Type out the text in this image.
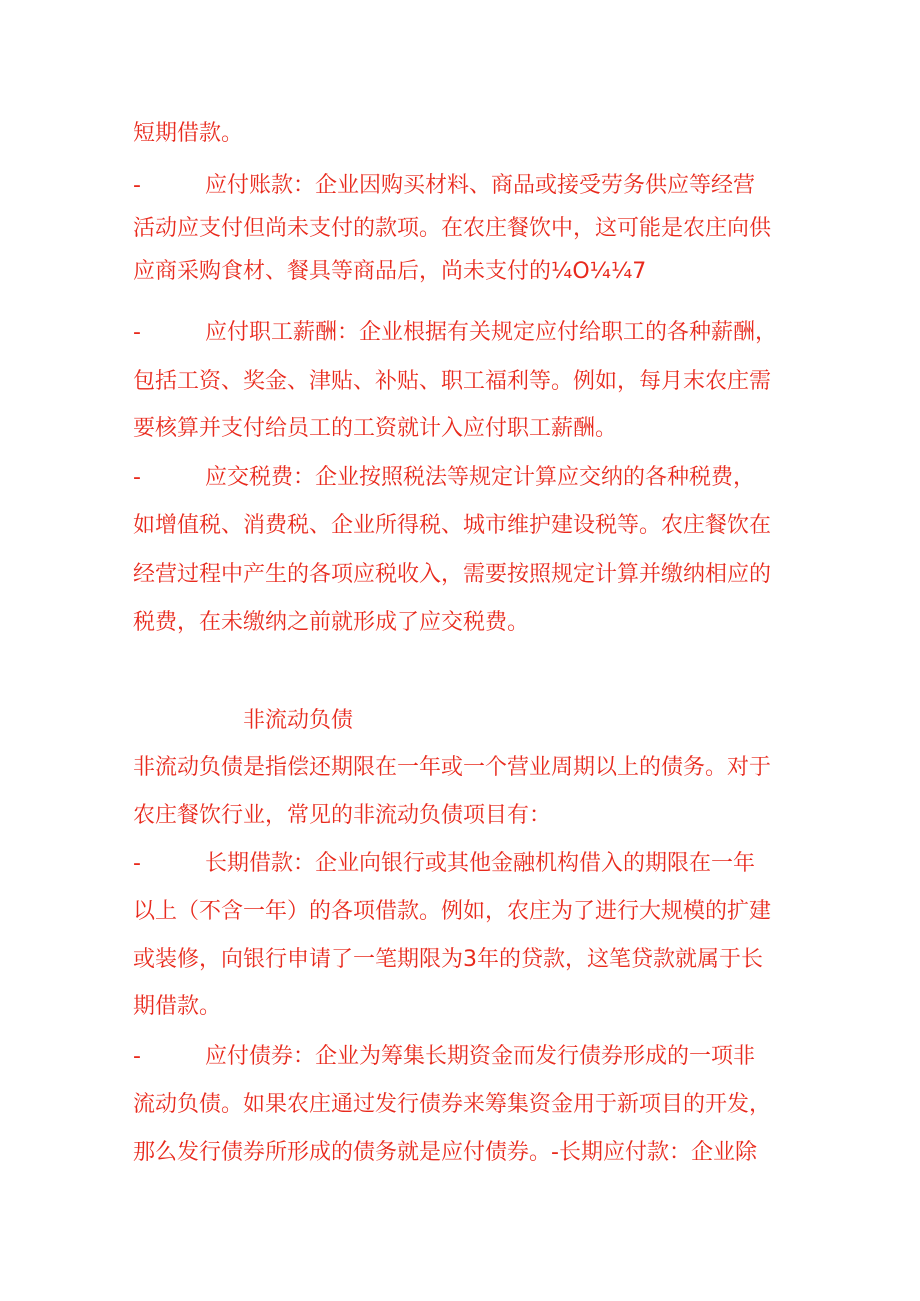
短期借款。
-	应付账款：企业因购买材料、商品或接受劳务供应等经营
活动应支付但尚未支付的款项。在农庄餐饮中，这可能是农庄向供
应商采购食材、餐具等商品后，尚未支付的¼O¼¼7
-	应付职工薪酬：企业根据有关规定应付给职工的各种薪酬，
包括工资、奖金、津贴、补贴、职工福利等。例如，每月末农庄需
要核算并支付给员工的工资就计入应付职工薪酬。
-	应交税费：企业按照税法等规定计算应交纳的各种税费，
如增值税、消费税、企业所得税、城市维护建设税等。农庄餐饮在
经营过程中产生的各项应税收入，需要按照规定计算并缴纳相应的
税费，在未缴纳之前就形成了应交税费。
非流动负债
非流动负债是指偿还期限在一年或一个营业周期以上的债务。对于
农庄餐饮行业，常见的非流动负债项目有：
-	长期借款：企业向银行或其他金融机构借入的期限在一年
以上（不含一年）的各项借款。例如，农庄为了进行大规模的扩建
或装修，向银行申请了一笔期限为3年的贷款，这笔贷款就属于长
期借款。
-	应付债券：企业为筹集长期资金而发行债券形成的一项非
流动负债。如果农庄通过发行债券来筹集资金用于新项目的开发，
那么发行债券所形成的债务就是应付债券。-长期应付款：企业除
